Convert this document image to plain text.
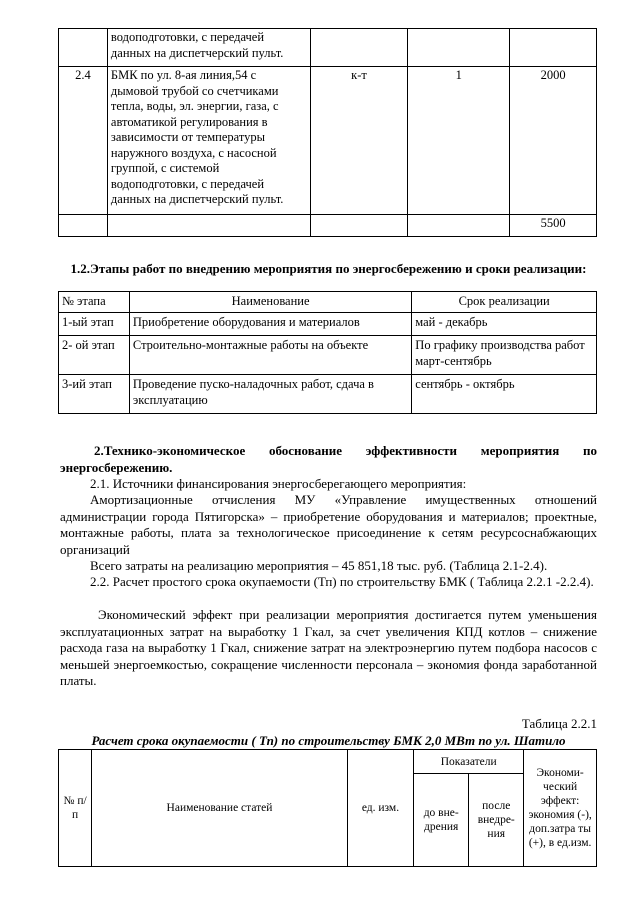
	водоподготовки, с передачей данных на диспетчерский пульт.			
2.4	БМК по ул. 8-ая линия,54 с дымовой трубой со счетчиками тепла, воды, эл. энергии, газа, с автоматикой регулирования в зависимости от температуры наружного воздуха, с насосной группой, с системой водоподготовки, с передачей данных на диспетчерский пульт.	к-т	1	2000
				5500
1.2.Этапы работ по внедрению мероприятия по энергосбережению и сроки реализации:
№ этапа	Наименование	Срок реализации
1-ый этап	Приобретение оборудования и материалов	май - декабрь
2- ой этап	Строительно-монтажные работы на объекте	По графику производства работ март-сентябрь
3-ий этап	Проведение пуско-наладочных работ, сдача в эксплуатацию	сентябрь - октябрь
2.Технико-экономическое обоснование эффективности мероприятия по энергосбережению.
2.1. Источники финансирования энергосберегающего мероприятия:
Амортизационные отчисления МУ «Управление имущественных отношений администрации города Пятигорска» – приобретение оборудования и материалов; проектные, монтажные работы, плата за технологическое присоединение к сетям ресурсоснабжающих организаций
Всего затраты на реализацию мероприятия – 45 851,18 тыс. руб. (Таблица 2.1-2.4).
2.2. Расчет простого срока окупаемости (Тп) по строительству БМК ( Таблица 2.2.1 -2.2.4).
Экономический эффект при реализации мероприятия достигается путем уменьшения эксплуатационных затрат на выработку 1 Гкал, за счет увеличения КПД котлов – снижение расхода газа на выработку 1 Гкал, снижение затрат на электроэнергию путем подбора насосов с меньшей энергоемкостью, сокращение численности персонала – экономия фонда заработанной платы.
Таблица 2.2.1
Расчет срока окупаемости ( Тп) по строительству БМК 2,0 МВт по ул. Шатило
№ п/п	Наименование статей	ед. изм.	Показатели		Экономи-ческий эффект: экономия (-), доп.затра ты (+), в ед.изм.
			до вне-дрения	после внедре-ния	
